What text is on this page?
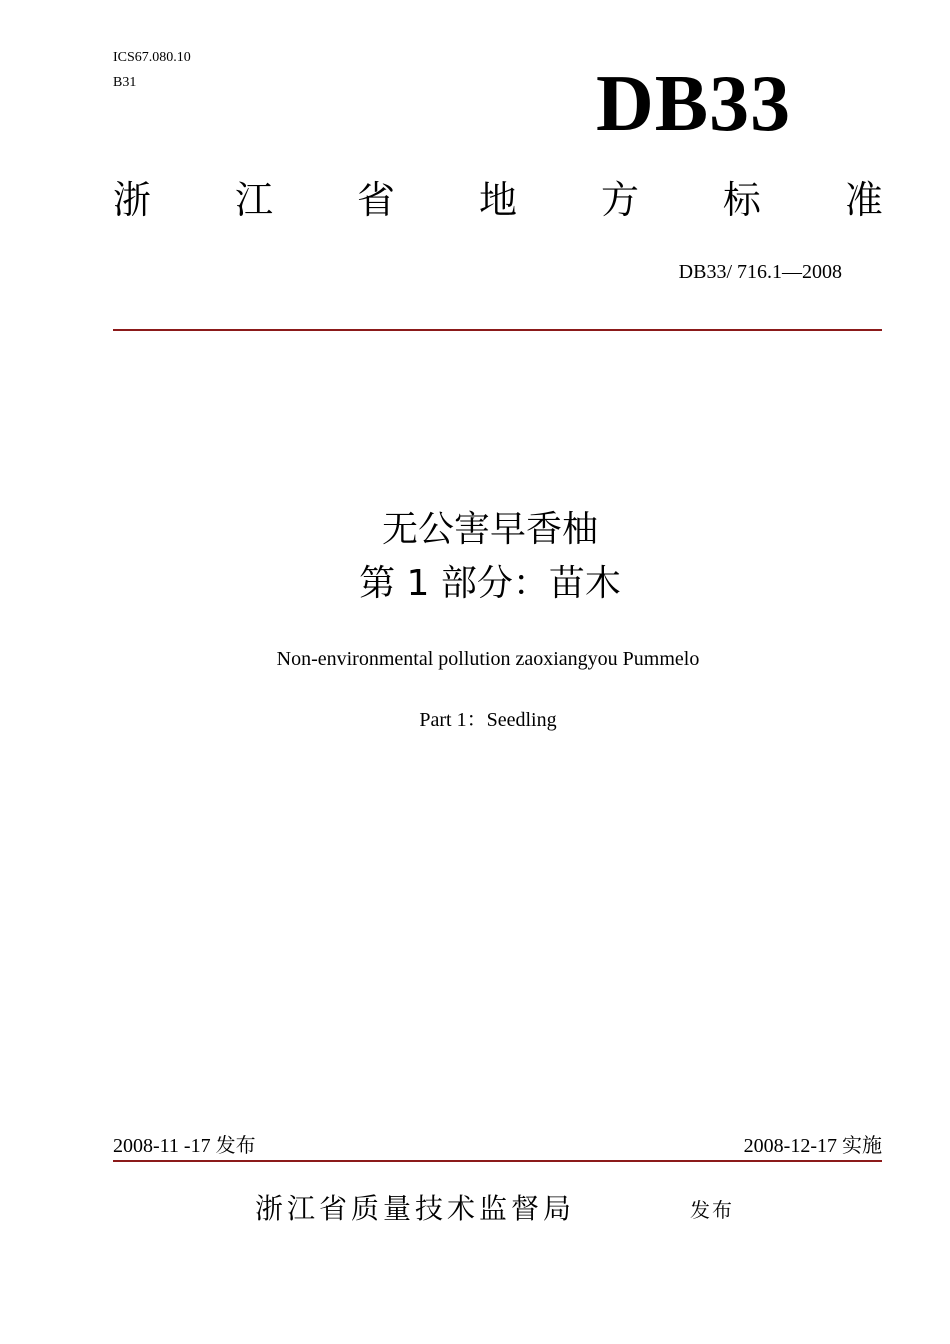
ICS67.080.10
B31	DB33
浙 江 省 地 方 标 准
DB33/ 716.1—2008
无公害早香柚
第 1 部分：苗木
Non-environmental pollution zaoxiangyou Pummelo
Part 1：Seedling
2008-11 -17 发布	2008-12-17 实施
浙江省质量技术监督局	发布
